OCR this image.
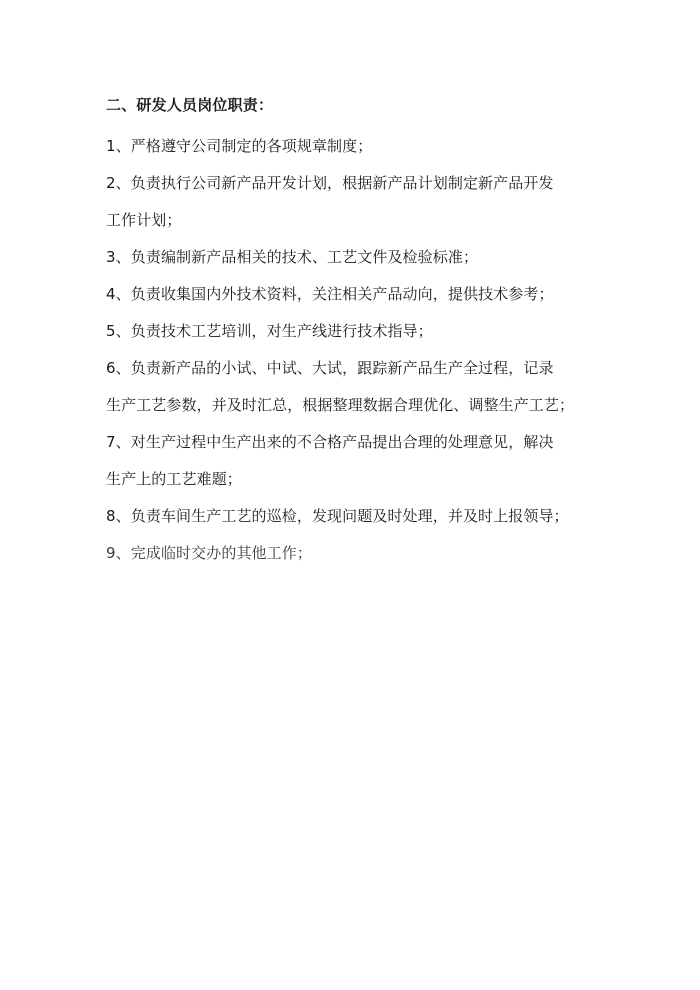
二、研发人员岗位职责：
1、严格遵守公司制定的各项规章制度；
2、负责执行公司新产品开发计划，根据新产品计划制定新产品开发
工作计划；
3、负责编制新产品相关的技术、工艺文件及检验标准；
4、负责收集国内外技术资料，关注相关产品动向，提供技术参考；
5、负责技术工艺培训，对生产线进行技术指导；
6、负责新产品的小试、中试、大试，跟踪新产品生产全过程，记录
生产工艺参数，并及时汇总，根据整理数据合理优化、调整生产工艺；
7、对生产过程中生产出来的不合格产品提出合理的处理意见，解决
生产上的工艺难题；
8、负责车间生产工艺的巡检，发现问题及时处理，并及时上报领导；
9、完成临时交办的其他工作；
